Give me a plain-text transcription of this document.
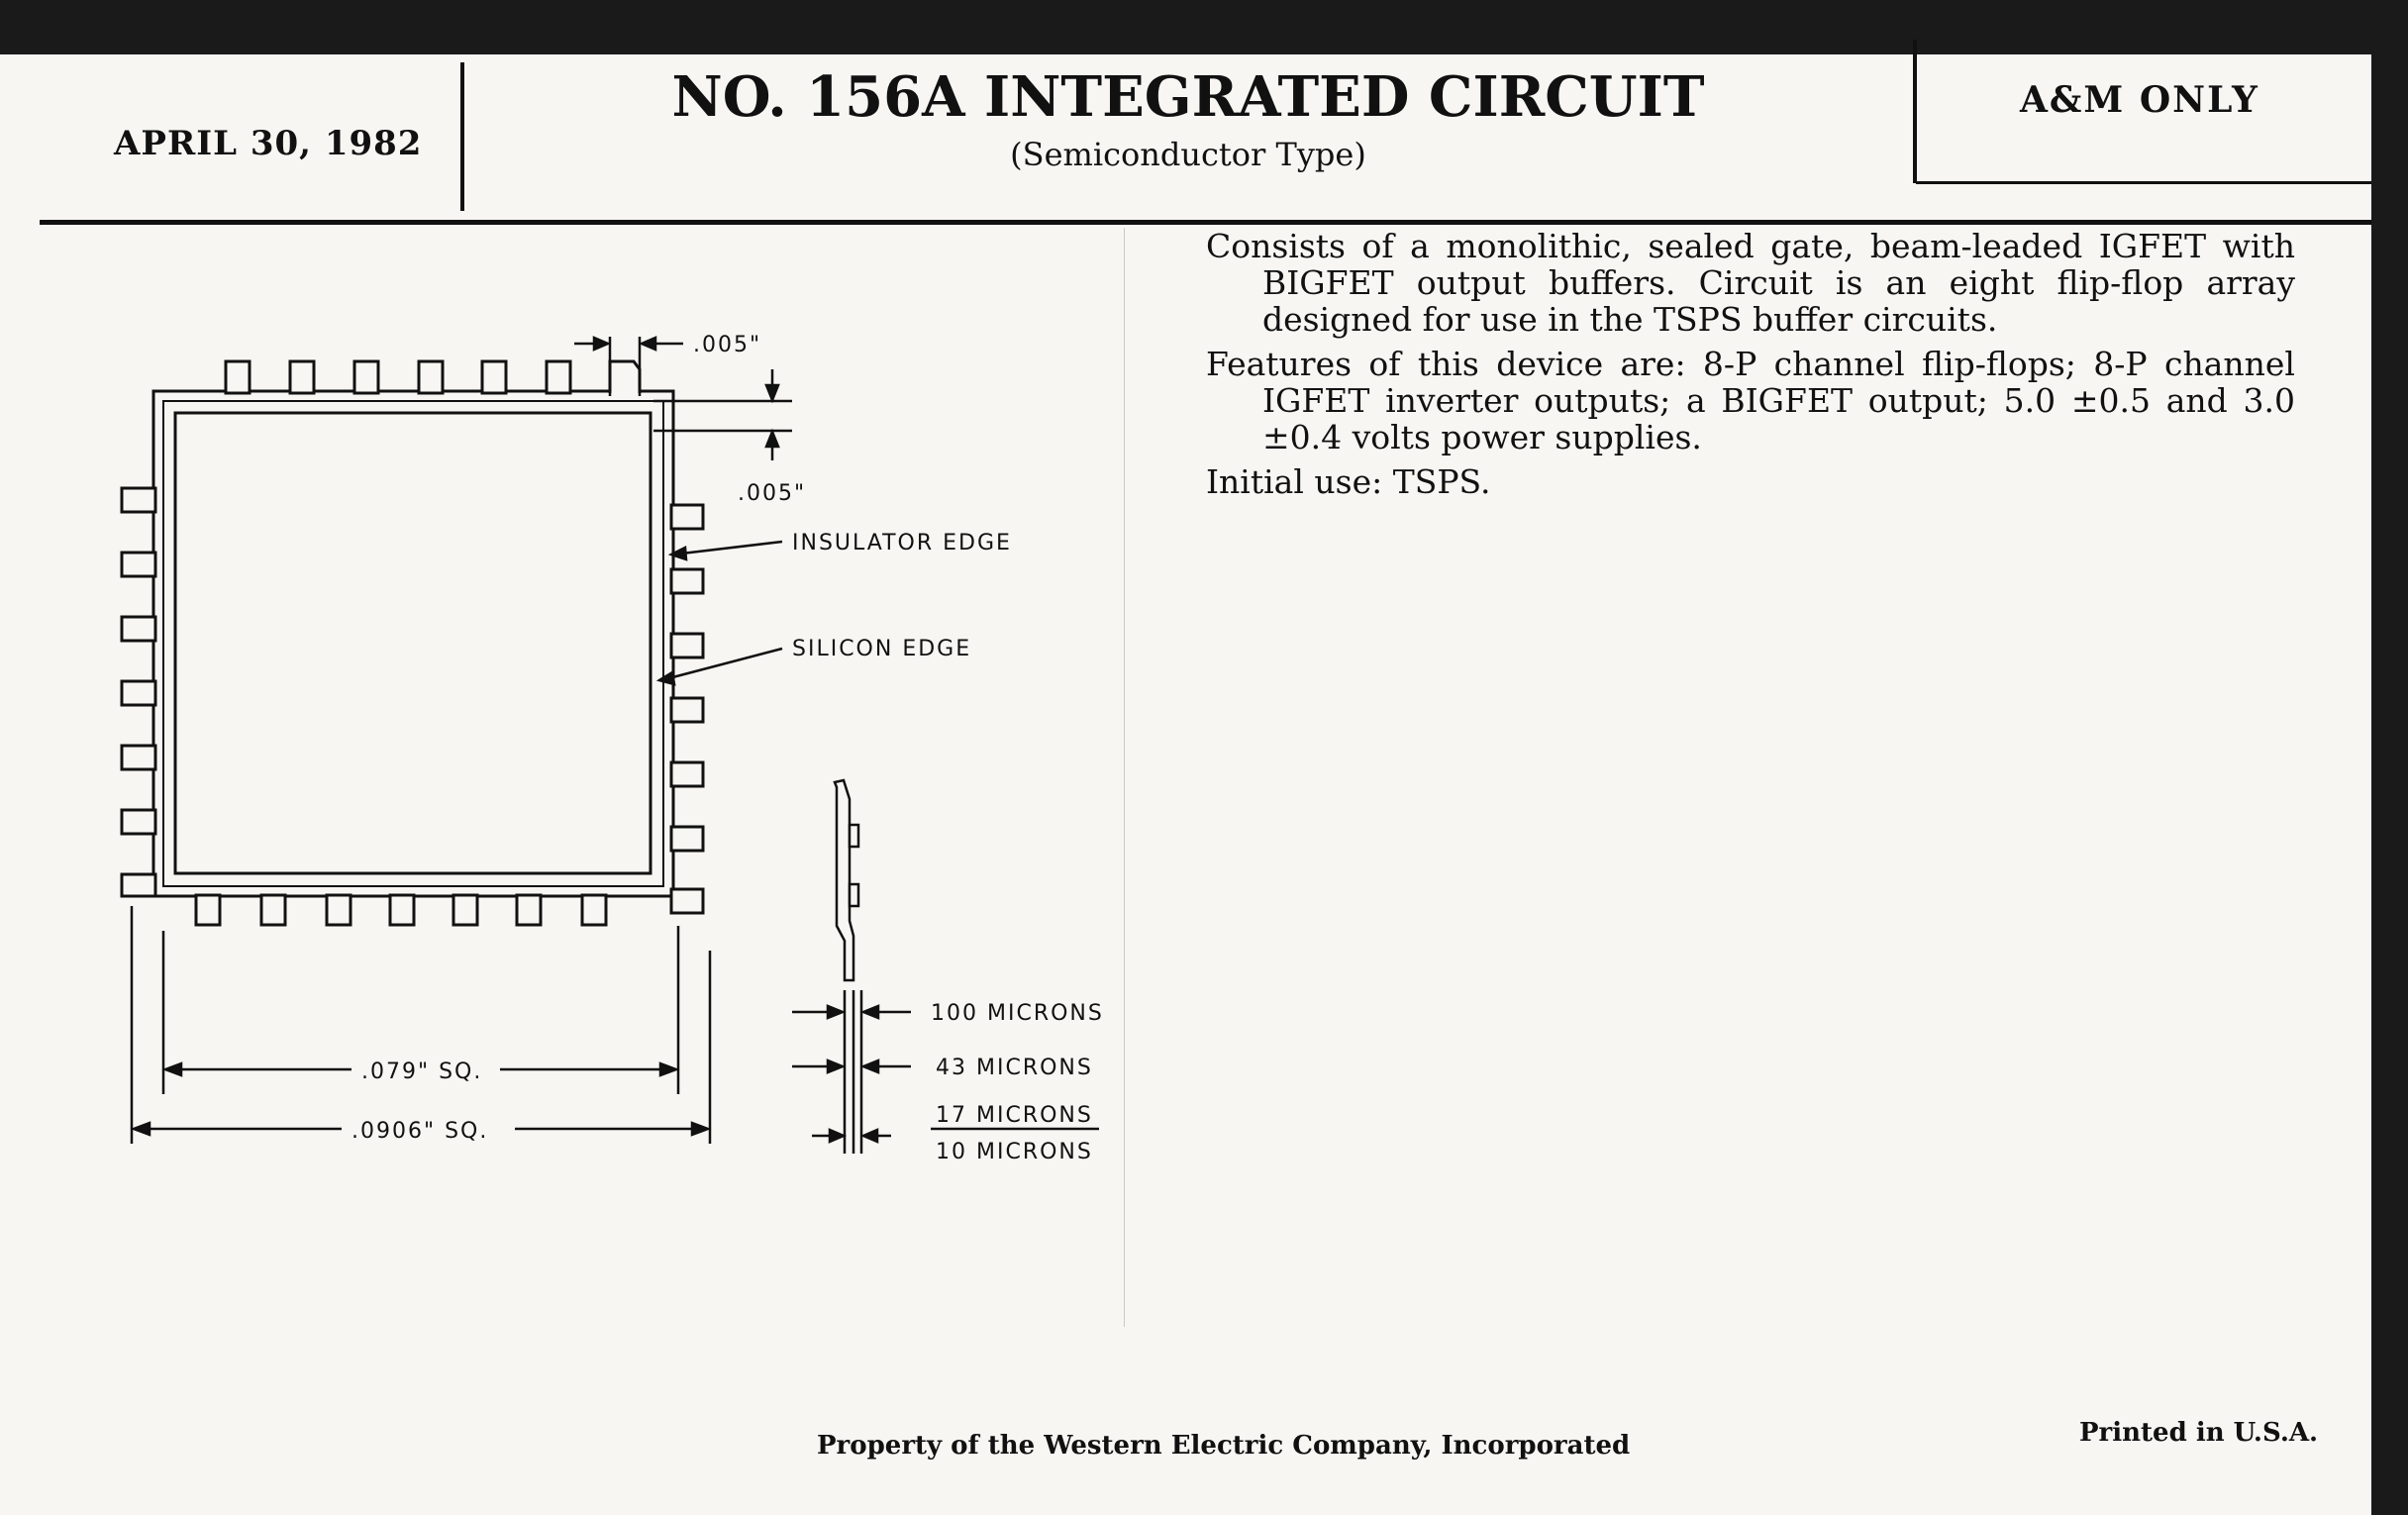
APRIL 30, 1982
NO. 156A INTEGRATED CIRCUIT
(Semiconductor Type)
A&M ONLY

Consists of a monolithic, sealed gate, beam-leaded IGFET with BIGFET output buffers. Circuit is an eight flip-flop array designed for use in the TSPS buffer circuits.

Features of this device are: 8-P channel flip-flops; 8-P channel IGFET inverter outputs; a BIGFET output; 5.0 ±0.5 and 3.0 ±0.4 volts power supplies.

Initial use: TSPS.

Property of the Western Electric Company, Incorporated	Printed in U.S.A.
.005"
.005"
INSULATOR EDGE
SILICON EDGE
.079" SQ.
.0906" SQ.
100 MICRONS
43 MICRONS
17 MICRONS
10 MICRONS
